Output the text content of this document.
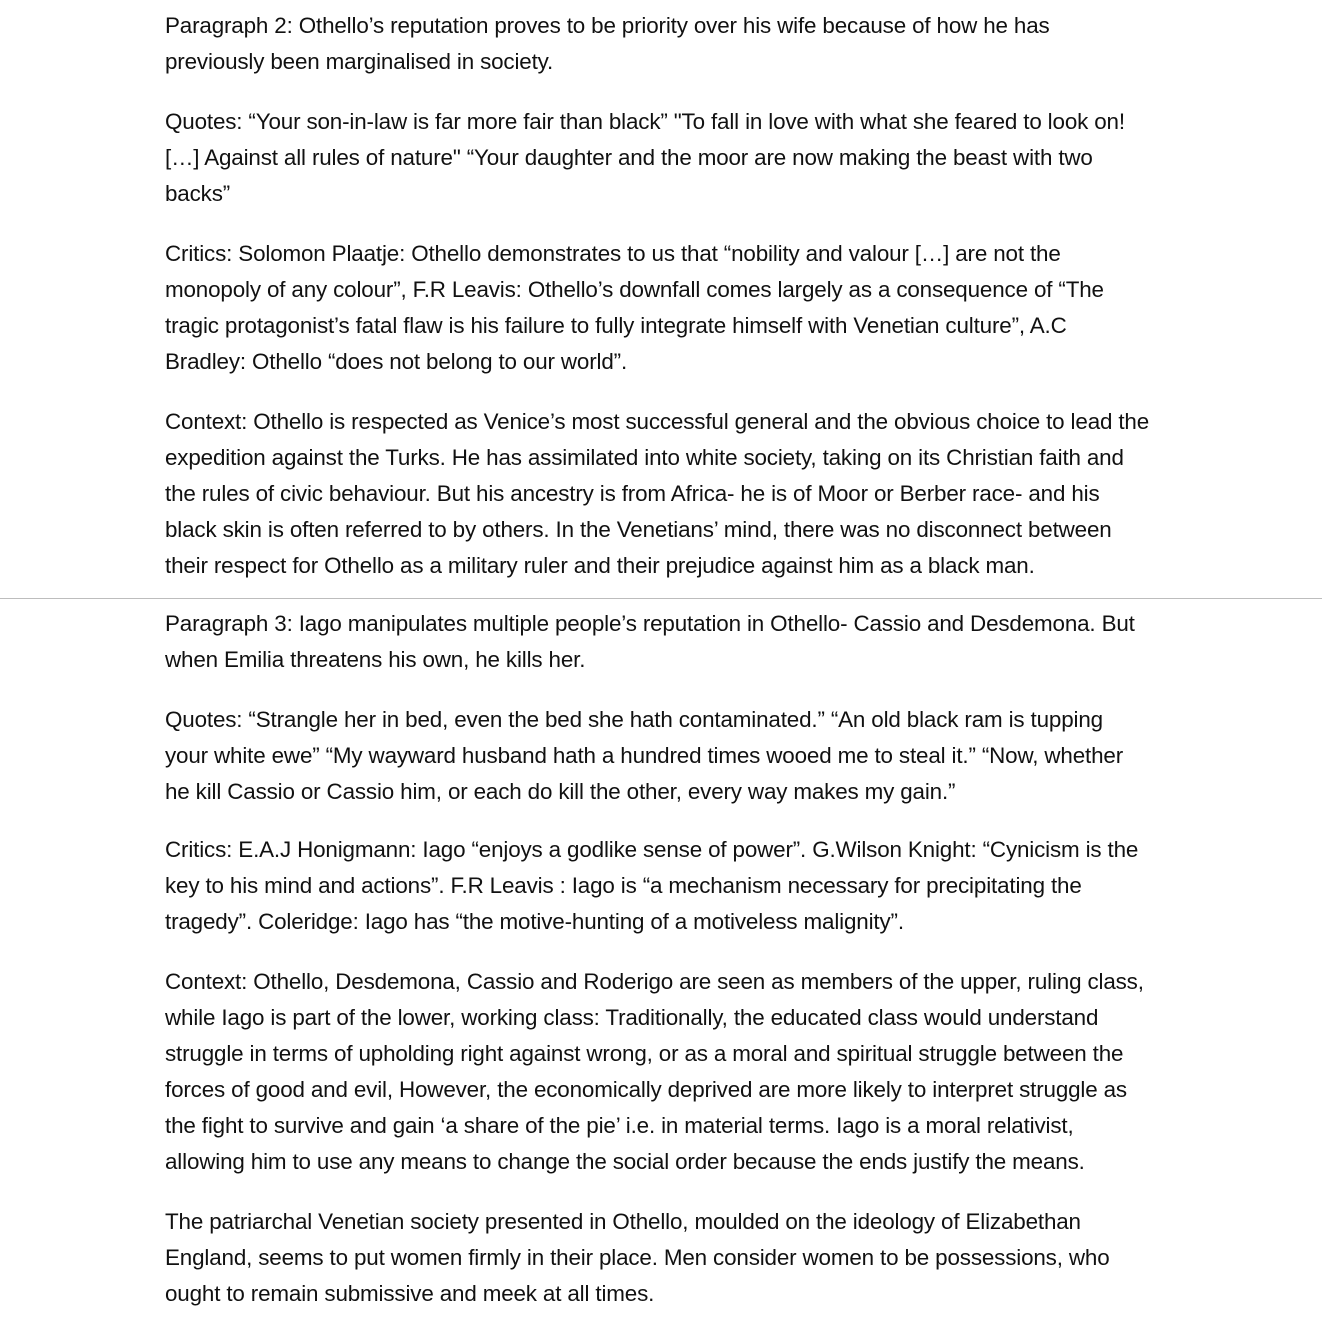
Paragraph 2: Othello’s reputation proves to be priority over his wife because of how he has
previously been marginalised in society.

Quotes: “Your son-in-law is far more fair than black” "To fall in love with what she feared to look on!
[…] Against all rules of nature" “Your daughter and the moor are now making the beast with two
backs”

Critics: Solomon Plaatje: Othello demonstrates to us that “nobility and valour […] are not the
monopoly of any colour”, F.R Leavis: Othello’s downfall comes largely as a consequence of “The
tragic protagonist’s fatal flaw is his failure to fully integrate himself with Venetian culture”, A.C
Bradley: Othello “does not belong to our world”.

Context: Othello is respected as Venice’s most successful general and the obvious choice to lead the
expedition against the Turks. He has assimilated into white society, taking on its Christian faith and
the rules of civic behaviour. But his ancestry is from Africa- he is of Moor or Berber race- and his
black skin is often referred to by others. In the Venetians’ mind, there was no disconnect between
their respect for Othello as a military ruler and their prejudice against him as a black man.

Paragraph 3: Iago manipulates multiple people’s reputation in Othello- Cassio and Desdemona. But
when Emilia threatens his own, he kills her.

Quotes: “Strangle her in bed, even the bed she hath contaminated.” “An old black ram is tupping
your white ewe” “My wayward husband hath a hundred times wooed me to steal it.” “Now, whether
he kill Cassio or Cassio him, or each do kill the other, every way makes my gain.”

Critics: E.A.J Honigmann: Iago “enjoys a godlike sense of power”. G.Wilson Knight: “Cynicism is the
key to his mind and actions”. F.R Leavis : Iago is “a mechanism necessary for precipitating the
tragedy”. Coleridge: Iago has “the motive-hunting of a motiveless malignity”.

Context: Othello, Desdemona, Cassio and Roderigo are seen as members of the upper, ruling class,
while Iago is part of the lower, working class: Traditionally, the educated class would understand
struggle in terms of upholding right against wrong, or as a moral and spiritual struggle between the
forces of good and evil, However, the economically deprived are more likely to interpret struggle as
the fight to survive and gain ‘a share of the pie’ i.e. in material terms. Iago is a moral relativist,
allowing him to use any means to change the social order because the ends justify the means.

The patriarchal Venetian society presented in Othello, moulded on the ideology of Elizabethan
England, seems to put women firmly in their place. Men consider women to be possessions, who
ought to remain submissive and meek at all times.
